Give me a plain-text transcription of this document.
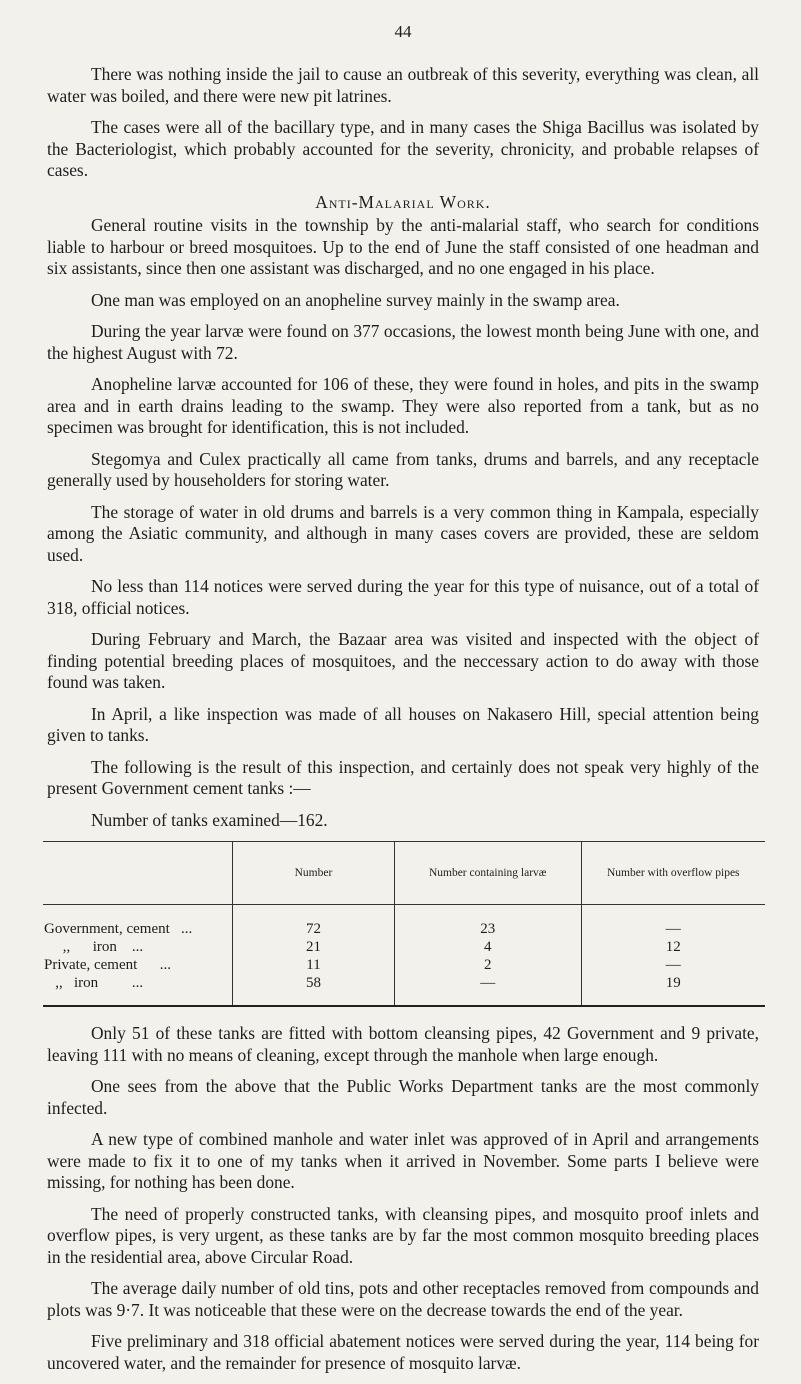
44

There was nothing inside the jail to cause an outbreak of this severity, everything was clean, all water was boiled, and there were new pit latrines.

The cases were all of the bacillary type, and in many cases the Shiga Bacillus was isolated by the Bacteriologist, which probably accounted for the severity, chronicity, and probable relapses of cases.

Anti-Malarial Work.

General routine visits in the township by the anti-malarial staff, who search for conditions liable to harbour or breed mosquitoes. Up to the end of June the staff consisted of one headman and six assistants, since then one assistant was discharged, and no one engaged in his place.

One man was employed on an anopheline survey mainly in the swamp area.

During the year larvæ were found on 377 occasions, the lowest month being June with one, and the highest August with 72.

Anopheline larvæ accounted for 106 of these, they were found in holes, and pits in the swamp area and in earth drains leading to the swamp. They were also reported from a tank, but as no specimen was brought for identification, this is not included.

Stegomya and Culex practically all came from tanks, drums and barrels, and any receptacle generally used by householders for storing water.

The storage of water in old drums and barrels is a very common thing in Kampala, especially among the Asiatic community, and although in many cases covers are provided, these are seldom used.

No less than 114 notices were served during the year for this type of nuisance, out of a total of 318, official notices.

During February and March, the Bazaar area was visited and inspected with the object of finding potential breeding places of mosquitoes, and the neccessary action to do away with those found was taken.

In April, a like inspection was made of all houses on Nakasero Hill, special attention being given to tanks.

The following is the result of this inspection, and certainly does not speak very highly of the present Government cement tanks :—

Number of tanks examined—162.

	Number	Number containing larvæ	Number with overflow pipes
Government, cement   ...	72	23	—
,,      iron    ...	21	4	12
Private, cement      ...	11	2	—
,,   iron         ...	58	—	19

Only 51 of these tanks are fitted with bottom cleansing pipes, 42 Government and 9 private, leaving 111 with no means of cleaning, except through the manhole when large enough.

One sees from the above that the Public Works Department tanks are the most commonly infected.

A new type of combined manhole and water inlet was approved of in April and arrangements were made to fix it to one of my tanks when it arrived in November. Some parts I believe were missing, for nothing has been done.

The need of properly constructed tanks, with cleansing pipes, and mosquito proof inlets and overflow pipes, is very urgent, as these tanks are by far the most common mosquito breeding places in the residential area, above Circular Road.

The average daily number of old tins, pots and other receptacles removed from compounds and plots was 9·7. It was noticeable that these were on the decrease towards the end of the year.

Five preliminary and 318 official abatement notices were served during the year, 114 being for uncovered water, and the remainder for presence of mosquito larvæ.
